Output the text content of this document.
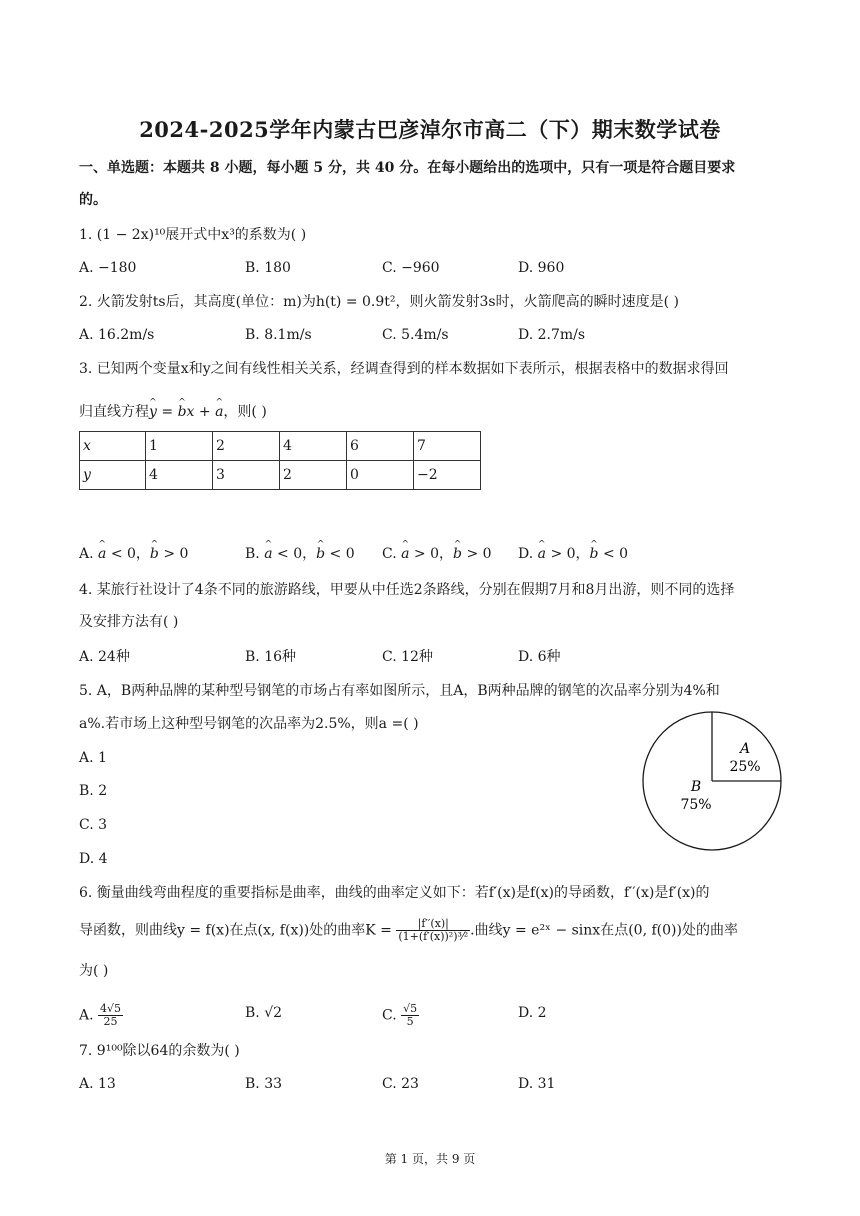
2024-2025学年内蒙古巴彦淖尔市高二（下）期末数学试卷
一、单选题：本题共 8 小题，每小题 5 分，共 40 分。在每小题给出的选项中，只有一项是符合题目要求
的。
1. (1 − 2x)¹⁰展开式中x³的系数为( )
A. −180	B. 180	C. −960	D. 960
2. 火箭发射ts后，其高度(单位：m)为h(t) = 0.9t²，则火箭发射3s时，火箭爬高的瞬时速度是( )
A. 16.2m/s	B. 8.1m/s	C. 5.4m/s	D. 2.7m/s
3. 已知两个变量x和y之间有线性相关关系，经调查得到的样本数据如下表所示，根据表格中的数据求得回
归直线方程^ y = ^ bx + ^ a，则( )
x	1	2	4	6	7
y	4	3	2	0	−2
A. ^ a < 0，^ b > 0	B. ^ a < 0，^ b < 0 C. ^ a > 0，^ b > 0 D. ^ a > 0，^ b < 0
4. 某旅行社设计了4条不同的旅游路线，甲要从中任选2条路线，分别在假期7月和8月出游，则不同的选择
及安排方法有( )
A. 24种	B. 16种	C. 12种	D. 6种
5. A，B两种品牌的某种型号钢笔的市场占有率如图所示，且A，B两种品牌的钢笔的次品率分别为4%和
a%.若市场上这种型号钢笔的次品率为2.5%，则a =( )
A. 1
B. 2
C. 3
D. 4
A
25%
B
75%
6. 衡量曲线弯曲程度的重要指标是曲率，曲线的曲率定义如下：若f′(x)是f(x)的导函数，f′′(x)是f′(x)的
导函数，则曲线y = f(x)在点(x, f(x))处的曲率$K = \frac{|f''(x)|}{\text{(1+(f′(x))²)³⁄²}}$ .曲线y = e²ˣ − sinx在点(0, f(0))处的曲率
为( )
A. $\frac{4√5}{25}$	B. √2	C. $\frac{√5}{5}$	D. 2
7. 9¹⁰⁰除以64的余数为( )
A. 13	B. 33	C. 23	D. 31
第 1 页，共 9 页
